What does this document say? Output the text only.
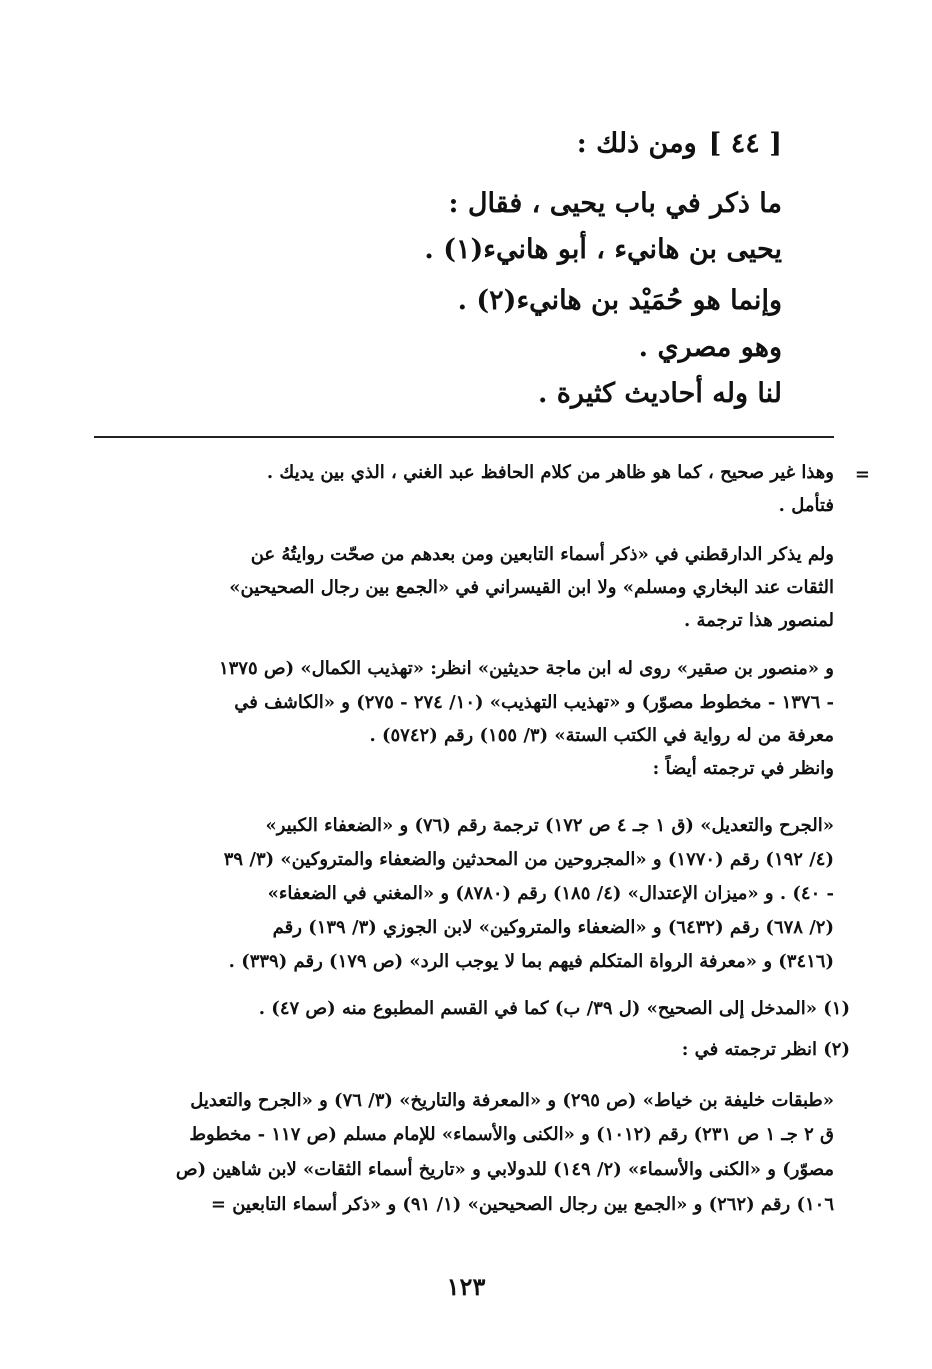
[ ٤٤ ]ومن ذلك :
ما ذكر في باب يحيى ، فقال :
يحيى بن هانيء ، أبو هانيء(١) .
وإنما هو حُمَيْد بن هانيء(٢) .
وهو مصري .
لنا وله أحاديث كثيرة .
=
وهذا غير صحيح ، كما هو ظاهر من كلام الحافظ عبد الغني ، الذي بين يديك .
فتأمل .
ولم يذكر الدارقطني في «ذكر أسماء التابعين ومن بعدهم من صحّت روايتُهُ عن
الثقات عند البخاري ومسلم» ولا ابن القيسراني في «الجمع بين رجال الصحيحين»
لمنصور هذا ترجمة .
و «منصور بن صقير» روى له ابن ماجة حديثين» انظر: «تهذيب الكمال» (ص ١٣٧٥
- ١٣٧٦ - مخطوط مصوّر) و «تهذيب التهذيب» (١٠/ ٢٧٤ - ٢٧٥) و «الكاشف في
معرفة من له رواية في الكتب الستة» (٣/ ١٥٥) رقم (٥٧٤٢) .
وانظر في ترجمته أيضاً :
«الجرح والتعديل» (ق ١ جـ ٤ ص ١٧٢) ترجمة رقم (٧٦) و «الضعفاء الكبير»
(٤/ ١٩٢) رقم (١٧٧٠) و «المجروحين من المحدثين والضعفاء والمتروكين» (٣/ ٣٩
- ٤٠) . و «ميزان الإعتدال» (٤/ ١٨٥) رقم (٨٧٨٠) و «المغني في الضعفاء»
(٢/ ٦٧٨) رقم (٦٤٣٢) و «الضعفاء والمتروكين» لابن الجوزي (٣/ ١٣٩) رقم
(٣٤١٦) و «معرفة الرواة المتكلم فيهم بما لا يوجب الرد» (ص ١٧٩) رقم (٣٣٩) .
(١) «المدخل إلى الصحيح» (ل ٣٩/ ب) كما في القسم المطبوع منه (ص ٤٧) .
(٢) انظر ترجمته في :
«طبقات خليفة بن خياط» (ص ٢٩٥) و «المعرفة والتاريخ» (٣/ ٧٦) و «الجرح والتعديل
ق ٢ جـ ١ ص ٢٣١) رقم (١٠١٢) و «الكنى والأسماء» للإمام مسلم (ص ١١٧ - مخطوط
مصوّر) و «الكنى والأسماء» (٢/ ١٤٩) للدولابي و «تاريخ أسماء الثقات» لابن شاهين (ص
١٠٦) رقم (٢٦٢) و «الجمع بين رجال الصحيحين» (١/ ٩١) و «ذكر أسماء التابعين =
١٢٣
